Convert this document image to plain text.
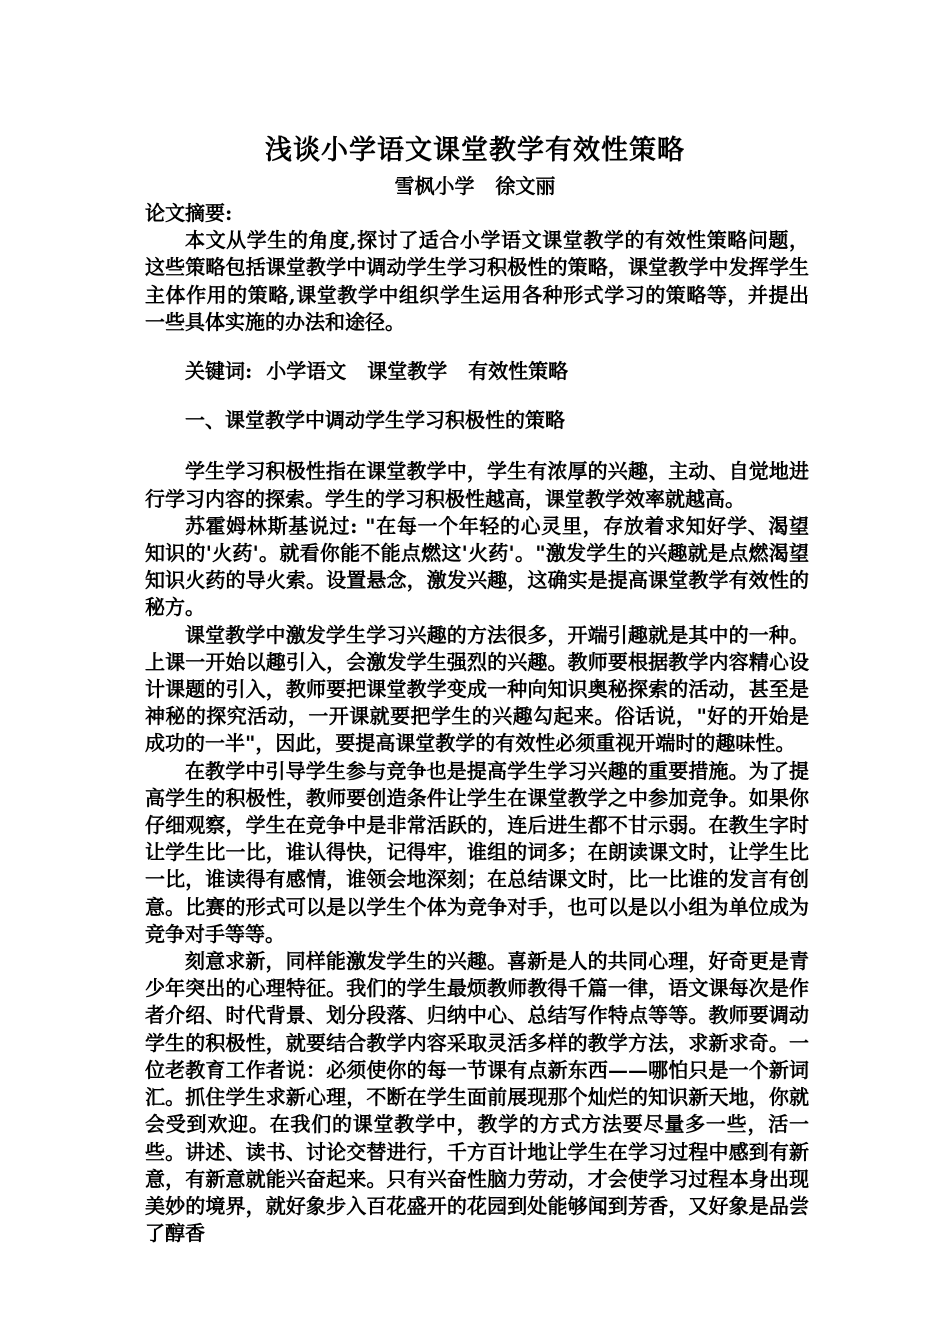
浅谈小学语文课堂教学有效性策略
雪枫小学   徐文丽

论文摘要:

本文从学生的角度,探讨了适合小学语文课堂教学的有效性策略问题，这些策略包括课堂教学中调动学生学习积极性的策略，课堂教学中发挥学生主体作用的策略,课堂教学中组织学生运用各种形式学习的策略等，并提出一些具体实施的办法和途径。

关键词:  小学语文   课堂教学   有效性策略

一、课堂教学中调动学生学习积极性的策略

学生学习积极性指在课堂教学中，学生有浓厚的兴趣，主动、自觉地进行学习内容的探索。学生的学习积极性越高，课堂教学效率就越高。

苏霍姆林斯基说过: "在每一个年轻的心灵里，存放着求知好学、渴望知识的'火药'。就看你能不能点燃这'火药'。"激发学生的兴趣就是点燃渴望知识火药的导火索。设置悬念，激发兴趣，这确实是提高课堂教学有效性的秘方。

课堂教学中激发学生学习兴趣的方法很多，开端引趣就是其中的一种。上课一开始以趣引入，会激发学生强烈的兴趣。教师要根据教学内容精心设计课题的引入，教师要把课堂教学变成一种向知识奥秘探索的活动，甚至是神秘的探究活动，一开课就要把学生的兴趣勾起来。俗话说，"好的开始是成功的一半"，因此，要提高课堂教学的有效性必须重视开端时的趣味性。

在教学中引导学生参与竞争也是提高学生学习兴趣的重要措施。为了提高学生的积极性，教师要创造条件让学生在课堂教学之中参加竞争。如果你仔细观察，学生在竞争中是非常活跃的，连后进生都不甘示弱。在教生字时让学生比一比，谁认得快，记得牢，谁组的词多；在朗读课文时，让学生比一比，谁读得有感情，谁领会地深刻；在总结课文时，比一比谁的发言有创意。比赛的形式可以是以学生个体为竞争对手，也可以是以小组为单位成为竞争对手等等。

刻意求新，同样能激发学生的兴趣。喜新是人的共同心理，好奇更是青少年突出的心理特征。我们的学生最烦教师教得千篇一律，语文课每次是作者介绍、时代背景、划分段落、归纳中心、总结写作特点等等。教师要调动学生的积极性，就要结合教学内容采取灵活多样的教学方法，求新求奇。一位老教育工作者说：必须使你的每一节课有点新东西——哪怕只是一个新词汇。抓住学生求新心理，不断在学生面前展现那个灿烂的知识新天地，你就会受到欢迎。在我们的课堂教学中，教学的方式方法要尽量多一些，活一些。讲述、读书、讨论交替进行，千方百计地让学生在学习过程中感到有新意，有新意就能兴奋起来。只有兴奋性脑力劳动，才会使学习过程本身出现美妙的境界，就好象步入百花盛开的花园到处能够闻到芳香，又好象是品尝了醇香
